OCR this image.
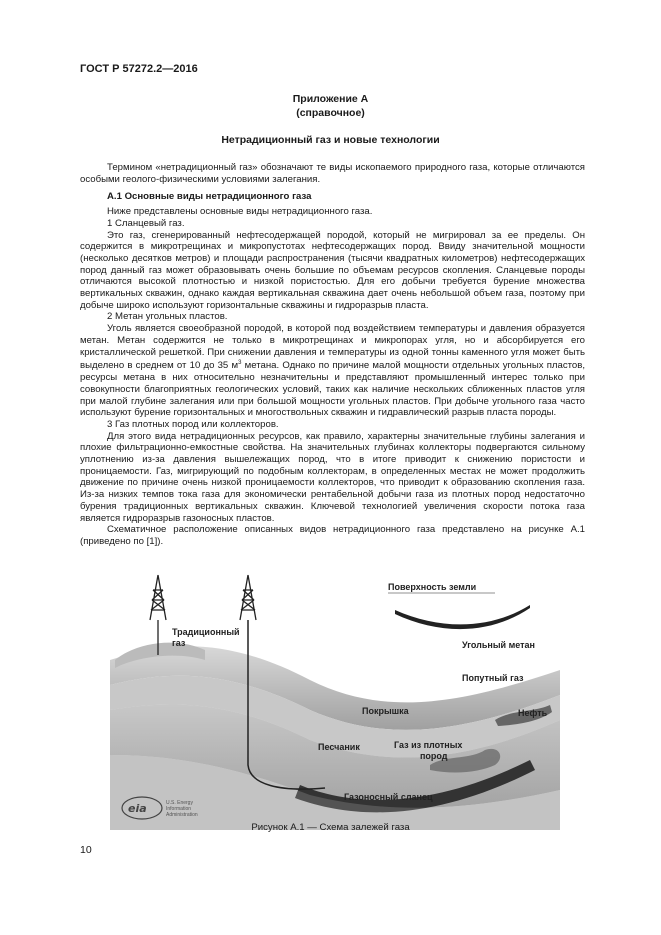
ГОСТ Р 57272.2—2016
Приложение А
(справочное)
Нетрадиционный газ и новые технологии

Термином «нетрадиционный газ» обозначают те виды ископаемого природного газа, которые отличаются особыми геолого-физическими условиями залегания.

А.1 Основные виды нетрадиционного газа

Ниже представлены основные виды нетрадиционного газа.

1 Сланцевый газ.

Это газ, сгенерированный нефтесодержащей породой, который не мигрировал за ее пределы. Он содержится в микротрещинах и микропустотах нефтесодержащих пород. Ввиду значительной мощности (несколько десятков метров) и площади распространения (тысячи квадратных километров) нефтесодержащих пород данный газ может образовывать очень большие по объемам ресурсов скопления. Сланцевые породы отличаются высокой плотностью и низкой пористостью. Для его добычи требуется бурение множества вертикальных скважин, однако каждая вертикальная скважина дает очень небольшой объем газа, поэтому при добыче широко используют горизонтальные скважины и гидроразрыв пласта.

2 Метан угольных пластов.

Уголь является своеобразной породой, в которой под воздействием температуры и давления образуется метан. Метан содержится не только в микротрещинах и микропорах угля, но и абсорбируется его кристаллической решеткой. При снижении давления и температуры из одной тонны каменного угля может быть выделено в среднем от 10 до 35 $м^3$ метана. Однако по причине малой мощности отдельных угольных пластов, ресурсы метана в них относительно незначительны и представляют промышленный интерес только при совокупности благоприятных геологических условий, таких как наличие нескольких сближенных пластов угля при малой глубине залегания или при большой мощности угольных пластов. При добыче угольного газа часто используют бурение горизонтальных и многоствольных скважин и гидравлический разрыв пласта породы.

3 Газ плотных пород или коллекторов.

Для этого вида нетрадиционных ресурсов, как правило, характерны значительные глубины залегания и плохие фильтрационно-емкостные свойства. На значительных глубинах коллекторы подвергаются сильному уплотнению из-за давления вышележащих пород, что в итоге приводит к снижению пористости и проницаемости. Газ, мигрирующий по подобным коллекторам, в определенных местах не может продолжить движение по причине очень низкой проницаемости коллекторов, что приводит к образованию скопления газа. Из-за низких темпов тока газа для экономически рентабельной добычи газа из плотных пород недостаточно бурения традиционных вертикальных скважин. Ключевой технологией увеличения скорости потока газа является гидроразрыв газоносных пластов.

Схематичное расположение описанных видов нетрадиционного газа представлено на рисунке А.1 (приведено по [1]).

Поверхность земли
Традиционный
газ	Угольный метан
Попутный газ
Нефть
Покрышка
Песчаник	Газ из плотных
пород
Газоносный сланец
eia	U.S. Energy
Information
Administration
Рисунок А.1 — Схема залежей газа
10
